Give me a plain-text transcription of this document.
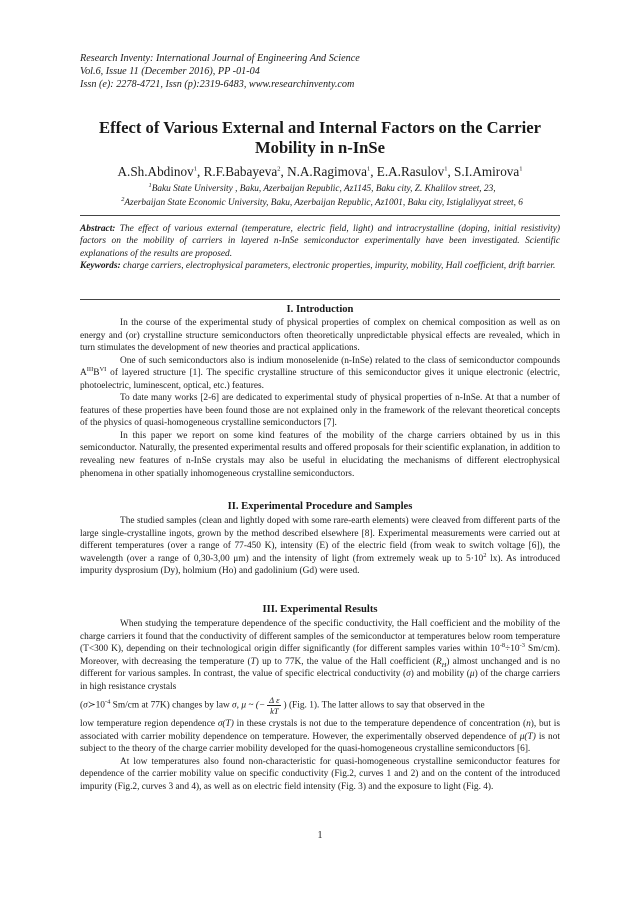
Research Inventy: International Journal of Engineering And Science
Vol.6, Issue 11 (December 2016), PP -01-04
Issn (e): 2278-4721, Issn (p):2319-6483, www.researchinventy.com
Effect of Various External and Internal Factors on the Carrier Mobility in n-InSe
A.Sh.Abdinov$^1$, R.F.Babayeva$^2$, N.A.Ragimova$^1$, E.A.Rasulov$^1$, S.I.Amirova$^1$
$^1$Baku State University , Baku, Azerbaijan Republic, Az1145, Baku city, Z. Khalilov street, 23,
$^2$Azerbaijan State Economic University, Baku, Azerbaijan Republic, Az1001, Baku city, Istiglaliyyat street, 6
Abstract: The effect of various external (temperature, electric field, light) and intracrystalline (doping, initial resistivity) factors on the mobility of carriers in layered n-InSe semiconductor experimentally have been investigated. Scientific explanations of the results are proposed.
Keywords: charge carriers, electrophysical parameters, electronic properties, impurity, mobility, Hall coefficient, drift barrier.
I. Introduction

In the course of the experimental study of physical properties of complex on chemical composition as well as on energy and (or) crystalline structure semiconductors often theoretically unpredictable physical effects are revealed, which in turn stimulates the development of new theories and practical applications.

One of such semiconductors also is indium monoselenide (n-InSe) related to the class of semiconductor compounds $A^{III}B^{VI}$ of layered structure [1]. The specific crystalline structure of this semiconductor gives it unique electronic (electric, photoelectric, luminescent, optical, etc.) features.

To date many works [2-6] are dedicated to experimental study of physical properties of n-InSe. At that a number of features of these properties have been found those are not explained only in the framework of the relevant theoretical concepts of the physics of quasi-homogeneous crystalline semiconductors [7].

In this paper we report on some kind features of the mobility of the charge carriers obtained by us in this semiconductor. Naturally, the presented experimental results and offered proposals for their scientific explanation, in addition to revealing new features of n-InSe crystals may also be useful in elucidating the mechanisms of different electrophysical phenomena in other spatially inhomogeneous crystalline semiconductors.

II. Experimental Procedure and Samples

The studied samples (clean and lightly doped with some rare-earth elements) were cleaved from different parts of the large single-crystalline ingots, grown by the method described elsewhere [8]. Experimental measurements were carried out at different temperatures (over a range of 77-450 K), intensity (E) of the electric field (from weak to switch voltage [6]), the wavelength (over a range of 0,30-3,00 μm) and the intensity of light (from extremely weak up to $5\cdot 10^2$ lx). As introduced impurity dysprosium (Dy), holmium (Ho) and gadolinium (Gd) were used.

III. Experimental Results

When studying the temperature dependence of the specific conductivity, the Hall coefficient and the mobility of the charge carriers it found that the conductivity of different samples of the semiconductor at temperatures below room temperature (T<300 K), depending on their technological origin differ significantly (for different samples varies within $10^{-8}\div 10^{-3}$ Sm/cm). Moreover, with decreasing the temperature (T) up to 77K, the value of the Hall coefficient $(R_H)$ almost unchanged and is no different for various samples. In contrast, the value of specific electrical conductivity (σ) and mobility (μ) of the charge carriers in high resistance crystals

($\sigma≻10^{-4}$ Sm/cm at 77K) changes by law σ, μ ~ (− $\frac{\text{Δ ε}}{kT}$ ) (Fig. 1). The latter allows to say that observed in the

low temperature region dependence σ(T) in these crystals is not due to the temperature dependence of concentration (n), but is associated with carrier mobility dependence on temperature. However, the experimentally observed dependence of μ(T) is not subject to the theory of the charge carrier mobility developed for the quasi-homogeneous crystalline semiconductors [6].

At low temperatures also found non-characteristic for quasi-homogeneous crystalline semiconductor features for dependence of the carrier mobility value on specific conductivity (Fig.2, curves 1 and 2) and on the content of the introduced impurity (Fig.2, curves 3 and 4), as well as on electric field intensity (Fig. 3) and the exposure to light (Fig. 4).

1
